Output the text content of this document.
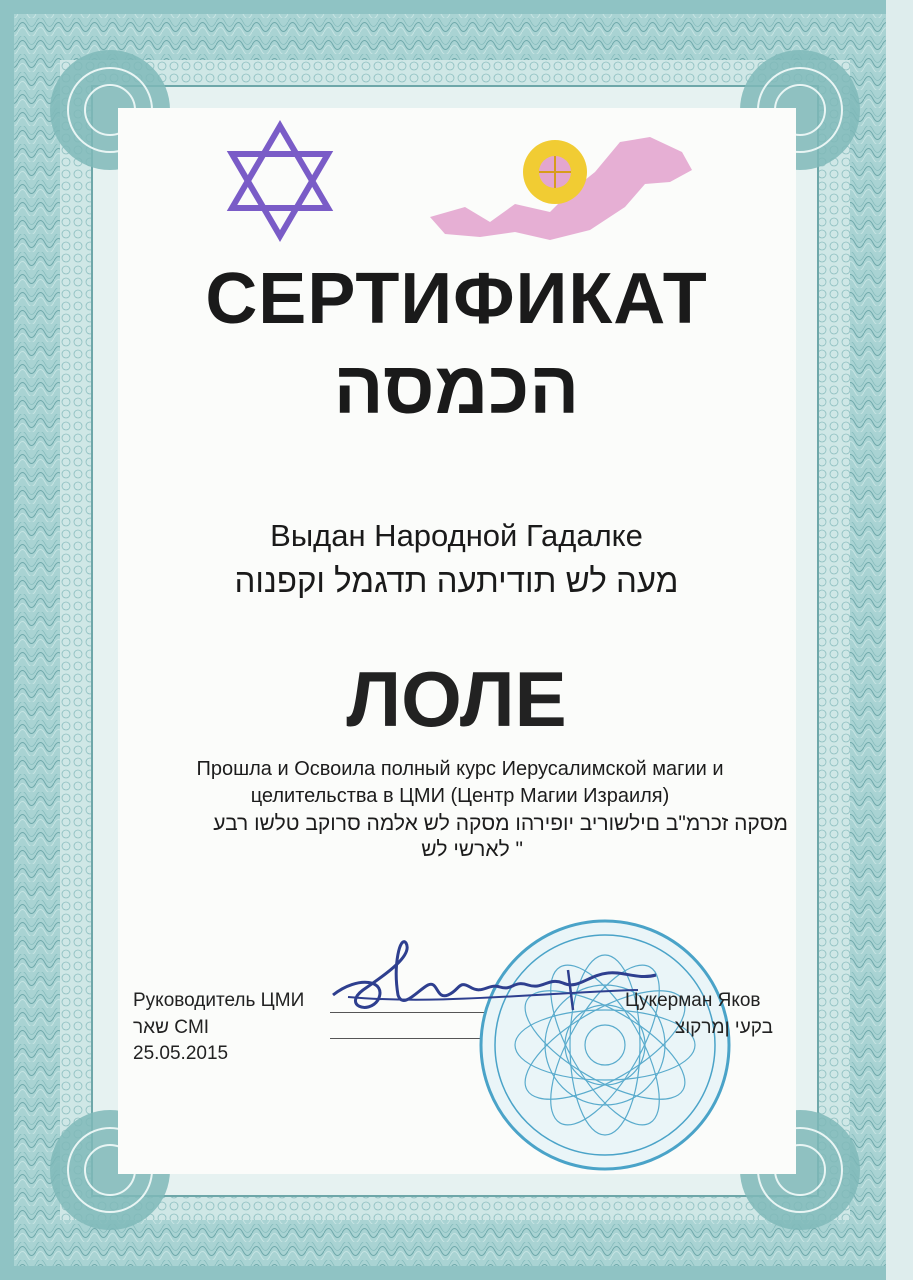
СЕРТИФИКАТ
הכמסה
Выдан Народной Гадалке
מעה לש תודיתעה תדגמל וקפנוה
ЛОЛЕ
Прошла и Освоила полный курс Иерусалимской магии и
целительства в ЦМИ (Центр Магии Израиля)
מסקה זכרמ"ב םילשוריב יופירהו מסקה לש אלמה סרוקב טלשו רבע
" לארשי לש
Руководитель ЦМИ
שאר CMI
25.05.2015
Цукерман Яков
בקעי ןמרקוצ
